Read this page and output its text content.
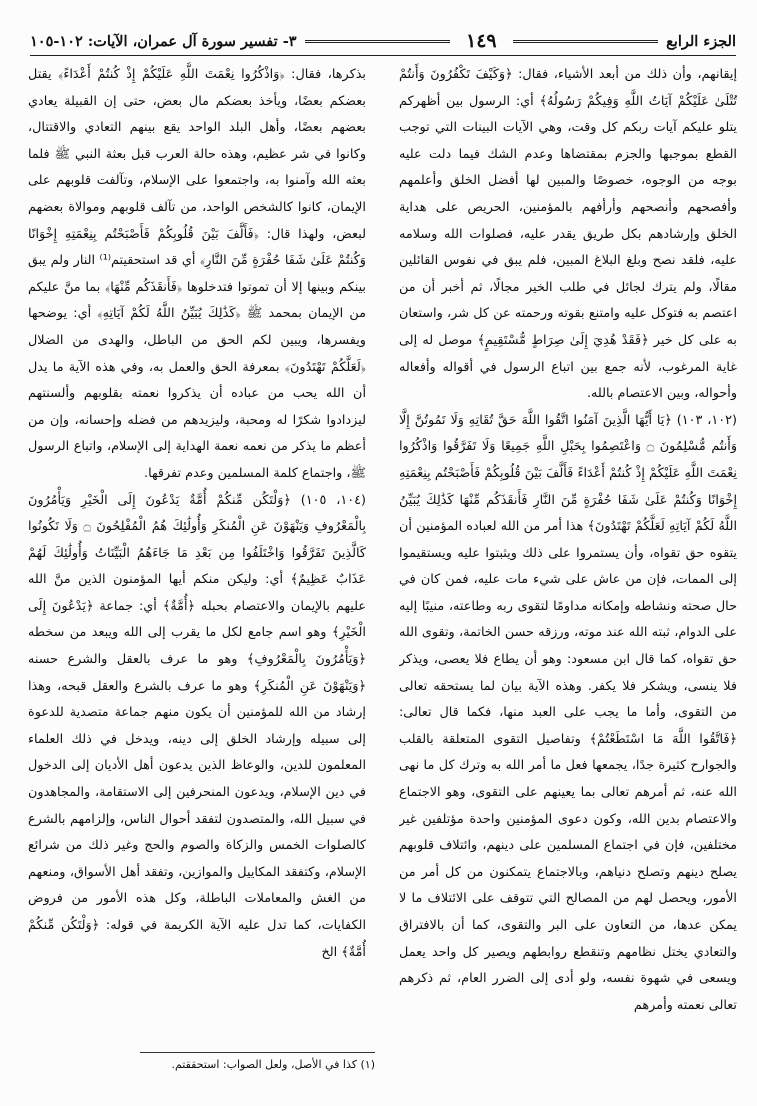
الجزء الرابع
١٤٩
٣- تفسير سورة آل عمران، الآيات: ١٠٢-١٠٥

إيقانهم، وأن ذلك من أبعد الأشياء، فقال: ﴿وَكَيْفَ تَكْفُرُونَ وَأَنتُمْ تُتْلَىٰ عَلَيْكُمْ آيَاتُ اللَّهِ وَفِيكُمْ رَسُولُهُ﴾ أي: الرسول بين أظهركم يتلو عليكم آيات ربكم كل وقت، وهي الآيات البينات التي توجب القطع بموجبها والجزم بمقتضاها وعدم الشك فيما دلت عليه بوجه من الوجوه، خصوصًا والمبين لها أفضل الخلق وأعلمهم وأفصحهم وأنصحهم وأرأفهم بالمؤمنين، الحريص على هداية الخلق وإرشادهم بكل طريق يقدر عليه، فصلوات الله وسلامه عليه، فلقد نصح وبلغ البلاغ المبين، فلم يبق في نفوس القائلين مقالًا، ولم يترك لجائل في طلب الخير مجالًا، ثم أخبر أن من اعتصم به فتوكل عليه وامتنع بقوته ورحمته عن كل شر، واستعان به على كل خير ﴿فَقَدْ هُدِيَ إِلَىٰ صِرَاطٍ مُّسْتَقِيمٍ﴾ موصل له إلى غاية المرغوب، لأنه جمع بين اتباع الرسول في أقواله وأفعاله وأحواله، وبين الاعتصام بالله.

(١٠٢، ١٠٣) ﴿يَا أَيُّهَا الَّذِينَ آمَنُوا اتَّقُوا اللَّهَ حَقَّ تُقَاتِهِ وَلَا تَمُوتُنَّ إِلَّا وَأَنتُم مُّسْلِمُونَ ۝ وَاعْتَصِمُوا بِحَبْلِ اللَّهِ جَمِيعًا وَلَا تَفَرَّقُوا وَاذْكُرُوا نِعْمَتَ اللَّهِ عَلَيْكُمْ إِذْ كُنتُمْ أَعْدَاءً فَأَلَّفَ بَيْنَ قُلُوبِكُمْ فَأَصْبَحْتُم بِنِعْمَتِهِ إِخْوَانًا وَكُنتُمْ عَلَىٰ شَفَا حُفْرَةٍ مِّنَ النَّارِ فَأَنقَذَكُم مِّنْهَا كَذَٰلِكَ يُبَيِّنُ اللَّهُ لَكُمْ آيَاتِهِ لَعَلَّكُمْ تَهْتَدُونَ﴾ هذا أمر من الله لعباده المؤمنين أن يتقوه حق تقواه، وأن يستمروا على ذلك ويثبتوا عليه ويستقيموا إلى الممات، فإن من عاش على شيء مات عليه، فمن كان في حال صحته ونشاطه وإمكانه مداومًا لتقوى ربه وطاعته، منيبًا إليه على الدوام، ثبته الله عند موته، ورزقه حسن الخاتمة، وتقوى الله حق تقواه، كما قال ابن مسعود: وهو أن يطاع فلا يعصى، ويذكر فلا ينسى، ويشكر فلا يكفر. وهذه الآية بيان لما يستحقه تعالى من التقوى، وأما ما يجب على العبد منها، فكما قال تعالى: ﴿فَاتَّقُوا اللَّهَ مَا اسْتَطَعْتُمْ﴾ وتفاصيل التقوى المتعلقة بالقلب والجوارح كثيرة جدًا، يجمعها فعل ما أمر الله به وترك كل ما نهى الله عنه، ثم أمرهم تعالى بما يعينهم على التقوى، وهو الاجتماع والاعتصام بدين الله، وكون دعوى المؤمنين واحدة مؤتلفين غير مختلفين، فإن في اجتماع المسلمين على دينهم، وائتلاف قلوبهم يصلح دينهم وتصلح دنياهم، وبالاجتماع يتمكنون من كل أمر من الأمور، ويحصل لهم من المصالح التي تتوقف على الائتلاف ما لا يمكن عدها، من التعاون على البر والتقوى، كما أن بالافتراق والتعادي يختل نظامهم وتنقطع روابطهم ويصير كل واحد يعمل ويسعى في شهوة نفسه، ولو أدى إلى الضرر العام، ثم ذكرهم تعالى نعمته وأمرهم

بذكرها، فقال: ﴿وَاذْكُرُوا نِعْمَتَ اللَّهِ عَلَيْكُمْ إِذْ كُنتُمْ أَعْدَاءً﴾ يقتل بعضكم بعضًا، ويأخذ بعضكم مال بعض، حتى إن القبيلة يعادي بعضهم بعضًا، وأهل البلد الواحد يقع بينهم التعادي والاقتتال، وكانوا في شر عظيم، وهذه حالة العرب قبل بعثة النبي ﷺ فلما بعثه الله وآمنوا به، واجتمعوا على الإسلام، وتآلفت قلوبهم على الإيمان، كانوا كالشخص الواحد، من تآلف قلوبهم وموالاة بعضهم لبعض، ولهذا قال: ﴿فَأَلَّفَ بَيْنَ قُلُوبِكُمْ فَأَصْبَحْتُم بِنِعْمَتِهِ إِخْوَانًا وَكُنتُمْ عَلَىٰ شَفَا حُفْرَةٍ مِّنَ النَّارِ﴾ أي قد استحقيتم⁽¹⁾ النار ولم يبق بينكم وبينها إلا أن تموتوا فتدخلوها ﴿فَأَنقَذَكُم مِّنْهَا﴾ بما منَّ عليكم من الإيمان بمحمد ﷺ ﴿كَذَٰلِكَ يُبَيِّنُ اللَّهُ لَكُمْ آيَاتِهِ﴾ أي: يوضحها ويفسرها، ويبين لكم الحق من الباطل، والهدى من الضلال ﴿لَعَلَّكُمْ تَهْتَدُونَ﴾ بمعرفة الحق والعمل به، وفي هذه الآية ما يدل أن الله يحب من عباده أن يذكروا نعمته بقلوبهم وألسنتهم ليزدادوا شكرًا له ومحبة، وليزيدهم من فضله وإحسانه، وإن من أعظم ما يذكر من نعمه نعمة الهداية إلى الإسلام، واتباع الرسول ﷺ، واجتماع كلمة المسلمين وعدم تفرقها.

(١٠٤، ١٠٥) ﴿وَلْتَكُن مِّنكُمْ أُمَّةٌ يَدْعُونَ إِلَى الْخَيْرِ وَيَأْمُرُونَ بِالْمَعْرُوفِ وَيَنْهَوْنَ عَنِ الْمُنكَرِ وَأُولَٰئِكَ هُمُ الْمُفْلِحُونَ ۝ وَلَا تَكُونُوا كَالَّذِينَ تَفَرَّقُوا وَاخْتَلَفُوا مِن بَعْدِ مَا جَاءَهُمُ الْبَيِّنَاتُ وَأُولَٰئِكَ لَهُمْ عَذَابٌ عَظِيمٌ﴾ أي: وليكن منكم أيها المؤمنون الذين منَّ الله عليهم بالإيمان والاعتصام بحبله ﴿أُمَّةٌ﴾ أي: جماعة ﴿يَدْعُونَ إِلَى الْخَيْرِ﴾ وهو اسم جامع لكل ما يقرب إلى الله ويبعد من سخطه ﴿وَيَأْمُرُونَ بِالْمَعْرُوفِ﴾ وهو ما عرف بالعقل والشرع حسنه ﴿وَيَنْهَوْنَ عَنِ الْمُنكَرِ﴾ وهو ما عرف بالشرع والعقل قبحه، وهذا إرشاد من الله للمؤمنين أن يكون منهم جماعة متصدية للدعوة إلى سبيله وإرشاد الخلق إلى دينه، ويدخل في ذلك العلماء المعلمون للدين، والوعاظ الذين يدعون أهل الأديان إلى الدخول في دين الإسلام، ويدعون المنحرفين إلى الاستقامة، والمجاهدون في سبيل الله، والمتصدون لتفقد أحوال الناس، وإلزامهم بالشرع كالصلوات الخمس والزكاة والصوم والحج وغير ذلك من شرائع الإسلام، وكتفقد المكاييل والموازين، وتفقد أهل الأسواق، ومنعهم من الغش والمعاملات الباطلة، وكل هذه الأمور من فروض الكفايات، كما تدل عليه الآية الكريمة في قوله: ﴿وَلْتَكُن مِّنكُمْ أُمَّةٌ﴾ الخ

(١) كذا في الأصل، ولعل الصواب: استحققتم.
